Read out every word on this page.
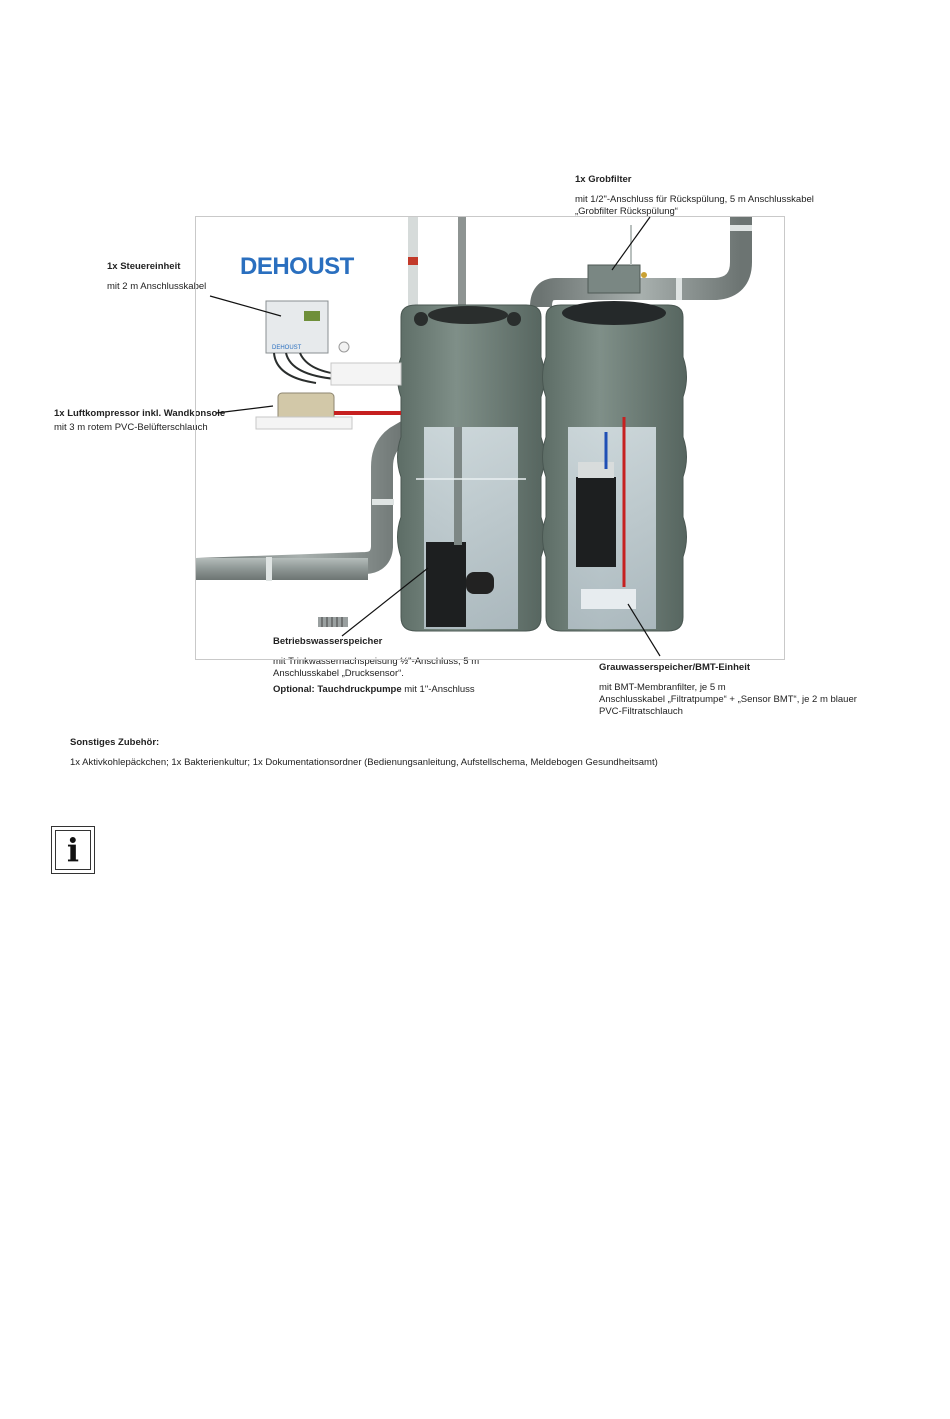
1x Grobfilter
mit 1/2"-Anschluss für Rückspülung, 5 m Anschlusskabel
„Grobfilter Rückspülung“
1x Steuereinheit
mit 2 m Anschlusskabel
1x Luftkompressor inkl. Wandkonsole
mit 3 m rotem PVC-Belüfterschlauch
Betriebswasserspeicher
mit Trinkwassernachspeisung ½"-Anschluss, 5 m
Anschlusskabel „Drucksensor“.
Optional: Tauchdruckpumpe mit 1"-Anschluss
Grauwasserspeicher/BMT-Einheit
mit BMT-Membranfilter, je 5 m
Anschlusskabel „Filtratpumpe“ + „Sensor BMT“, je 2 m blauer
PVC-Filtratschlauch
DEHOUST
DEHOUST
Sonstiges Zubehör:
1x Aktivkohlepäckchen; 1x Bakterienkultur; 1x Dokumentationsordner (Bedienungsanleitung, Aufstellschema, Meldebogen Gesundheitsamt)
i
